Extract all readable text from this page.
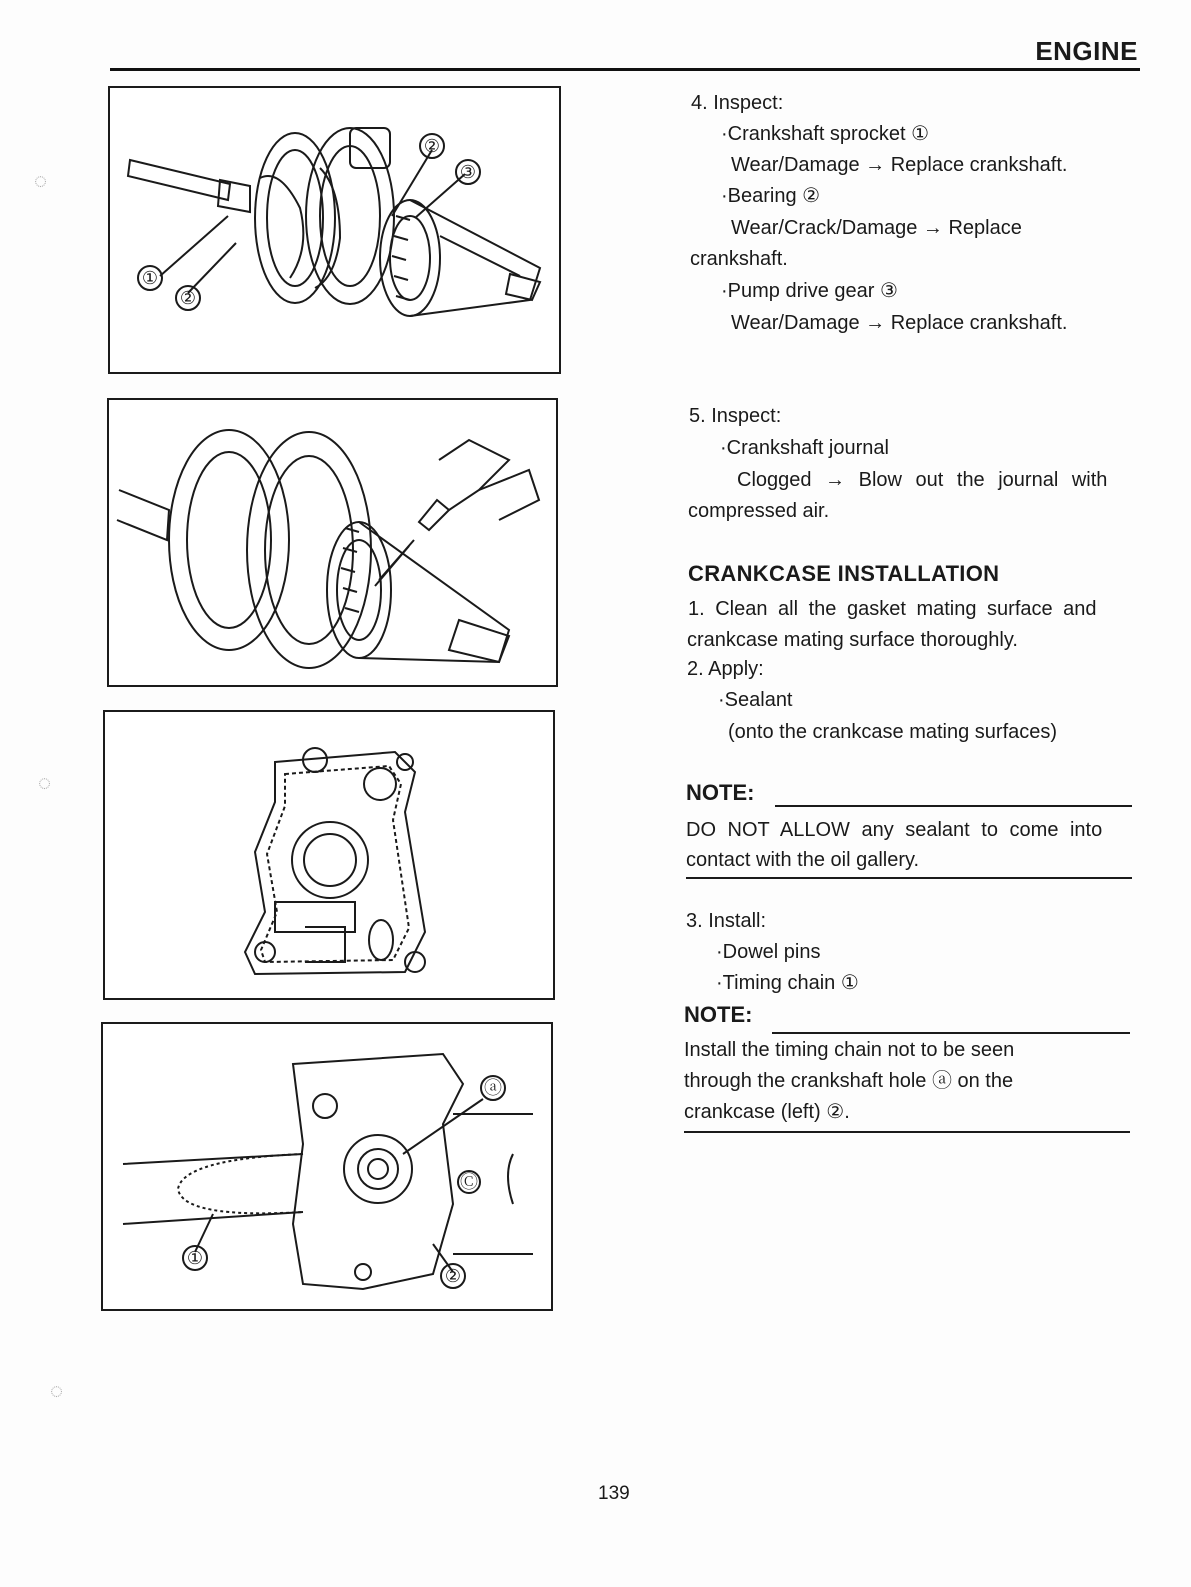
ENGINE
①
②
②
③
ⓐ
Ⓒ
①
②
4. Inspect:
·Crankshaft sprocket ①
Wear/Damage → Replace crankshaft.
·Bearing ②
Wear/Crack/Damage → Replace
crankshaft.
·Pump drive gear ③
Wear/Damage → Replace crankshaft.
5. Inspect:
·Crankshaft journal
Clogged → Blow out the journal with
compressed air.
CRANKCASE INSTALLATION
1. Clean all the gasket mating surface and
crankcase mating surface thoroughly.
2. Apply:
·Sealant
(onto the crankcase mating surfaces)
NOTE:
DO NOT ALLOW any sealant to come into
contact with the oil gallery.
3. Install:
·Dowel pins
·Timing chain ①
NOTE:
Install the timing chain not to be seen
through the crankshaft hole ⓐ on the
crankcase (left) ②.
139
◌
◌
◌
